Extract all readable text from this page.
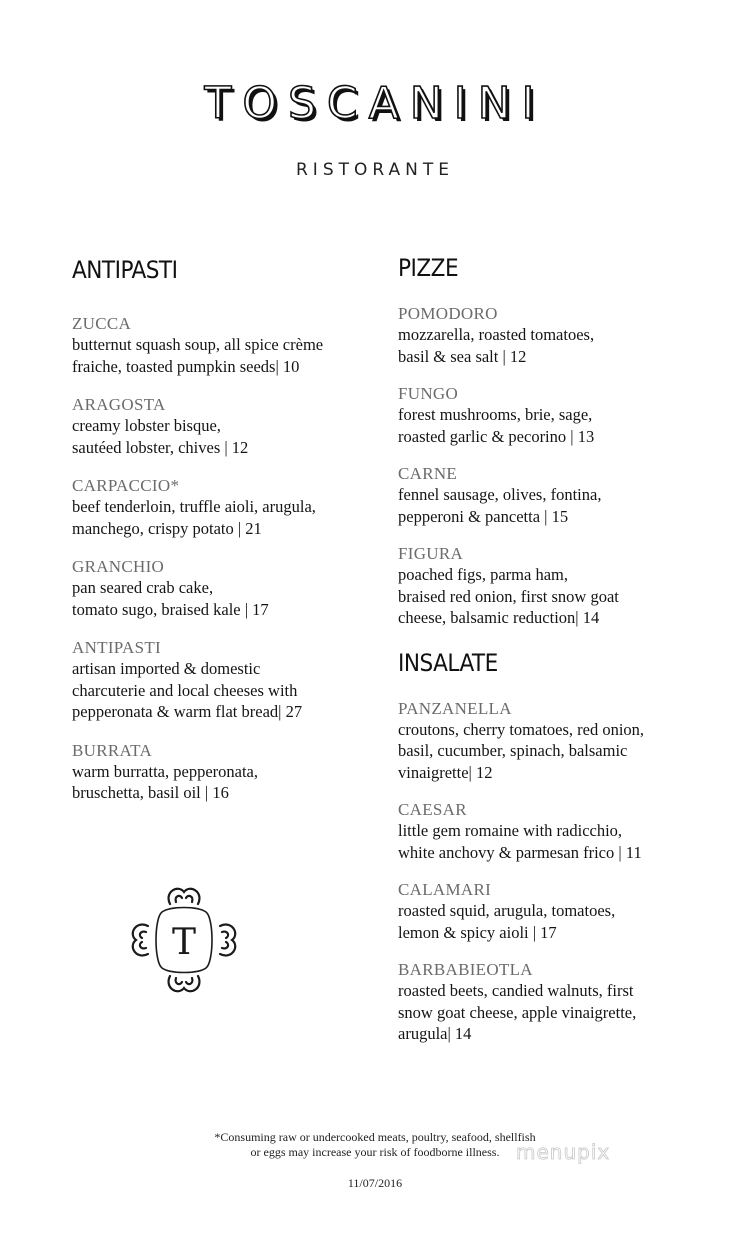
TOSCANINI
RISTORANTE
ANTIPASTI
ZUCCA
butternut squash soup, all spice crème
fraiche, toasted pumpkin seeds| 10
ARAGOSTA
creamy lobster bisque,
sautéed lobster, chives | 12
CARPACCIO*
beef tenderloin, truffle aioli, arugula,
manchego, crispy potato | 21
GRANCHIO
pan seared crab cake,
tomato sugo, braised kale | 17
ANTIPASTI
artisan imported & domestic
charcuterie and local cheeses with
pepperonata & warm flat bread| 27
BURRATA
warm burratta, pepperonata,
bruschetta, basil oil | 16
T
PIZZE
POMODORO
mozzarella, roasted tomatoes,
basil & sea salt | 12
FUNGO
forest mushrooms, brie, sage,
roasted garlic & pecorino | 13
CARNE
fennel sausage, olives, fontina,
pepperoni & pancetta | 15
FIGURA
poached figs, parma ham,
braised red onion, first snow goat
cheese, balsamic reduction| 14
INSALATE
PANZANELLA
croutons, cherry tomatoes, red onion,
basil, cucumber, spinach, balsamic
vinaigrette| 12
CAESAR
little gem romaine with radicchio,
white anchovy & parmesan frico | 11
CALAMARI
roasted squid, arugula, tomatoes,
lemon & spicy aioli | 17
BARBABIEOTLA
roasted beets, candied walnuts, first
snow goat cheese, apple vinaigrette,
arugula| 14
*Consuming raw or undercooked meats, poultry, seafood, shellfish
or eggs may increase your risk of foodborne illness. menupix
11/07/2016
